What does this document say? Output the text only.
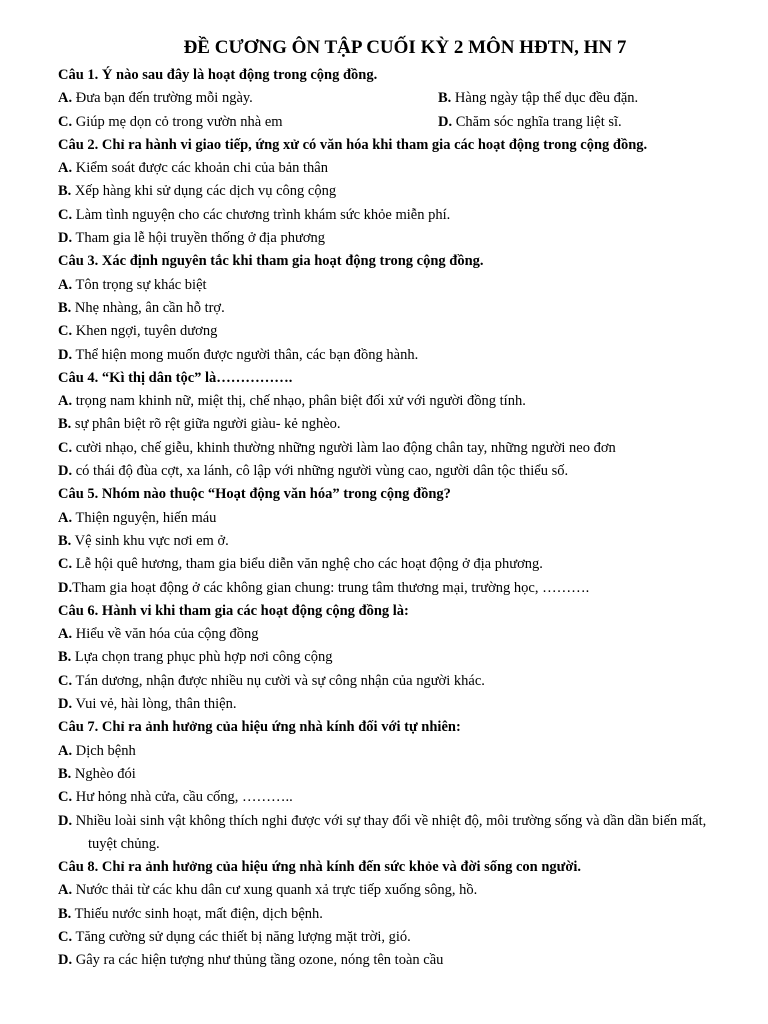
ĐỀ CƯƠNG ÔN TẬP CUỐI KỲ 2 MÔN HĐTN, HN 7
Câu 1. Ý nào sau đây là hoạt động trong cộng đồng.
A. Đưa bạn đến trường mỗi ngày.	B. Hàng ngày tập thể dục đều đặn.
C. Giúp mẹ dọn cỏ trong vườn nhà em	D. Chăm sóc nghĩa trang liệt sĩ.
Câu 2. Chỉ ra hành vi giao tiếp, ứng xử có văn hóa khi tham gia các hoạt động trong cộng đồng.
A. Kiểm soát được các khoản chi của bản thân
B. Xếp hàng khi sử dụng các dịch vụ công cộng
C. Làm tình nguyện cho các chương trình khám sức khỏe miễn phí.
D. Tham gia lễ hội truyền thống ở địa phương
Câu 3. Xác định nguyên tắc khi tham gia hoạt động trong cộng đồng.
A. Tôn trọng sự khác biệt
B. Nhẹ nhàng, ân cần hỗ trợ.
C. Khen ngợi, tuyên dương
D. Thể hiện mong muốn được người thân, các bạn đồng hành.
Câu 4. “Kì thị dân tộc” là…………….
A. trọng nam khinh nữ, miệt thị, chế nhạo, phân biệt đối xử với người đồng tính.
B. sự phân biệt rõ rệt giữa người giàu- kẻ nghèo.
C. cười nhạo, chế giễu, khinh thường những người làm lao động chân tay, những người neo đơn
D. có thái độ đùa cợt, xa lánh, cô lập với những người vùng cao, người dân tộc thiểu số.
Câu 5. Nhóm nào thuộc “Hoạt động văn hóa” trong cộng đồng?
A. Thiện nguyện, hiến máu
B. Vệ sinh khu vực nơi em ở.
C. Lễ hội quê hương, tham gia biểu diễn văn nghệ cho các hoạt động ở địa phương.
D.Tham gia hoạt động ở các không gian chung: trung tâm thương mại, trường học, ……….
Câu 6. Hành vi khi tham gia các hoạt động cộng đồng là:
A. Hiểu về văn hóa của cộng đồng
B. Lựa chọn trang phục phù hợp nơi công cộng
C. Tán dương, nhận được nhiều nụ cười và sự công nhận của người khác.
D. Vui vẻ, hài lòng, thân thiện.
Câu 7. Chỉ ra ảnh hưởng của hiệu ứng nhà kính đối với tự nhiên:
A. Dịch bệnh
B. Nghèo đói
C. Hư hỏng nhà cửa, cầu cống, ………..
D. Nhiều loài sinh vật không thích nghi được với sự thay đổi về nhiệt độ, môi trường sống và dần dần biến mất, tuyệt chủng.
Câu 8. Chỉ ra ảnh hưởng của hiệu ứng nhà kính đến sức khỏe và đời sống con người.
A. Nước thải từ các khu dân cư xung quanh xả trực tiếp xuống sông, hồ.
B. Thiếu nước sinh hoạt, mất điện, dịch bệnh.
C. Tăng cường sử dụng các thiết bị năng lượng mặt trời, gió.
D. Gây ra các hiện tượng như thủng tầng ozone, nóng tên toàn cầu
